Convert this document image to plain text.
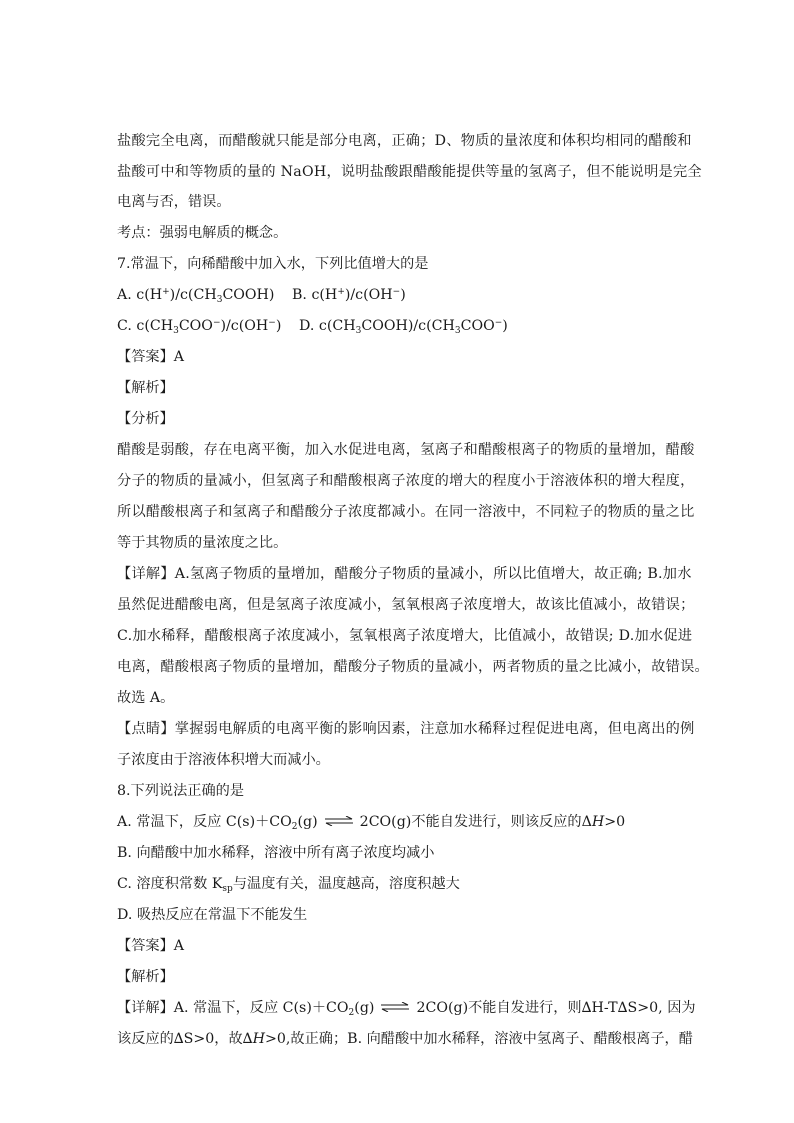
盐酸完全电离，而醋酸就只能是部分电离，正确；D、物质的量浓度和体积均相同的醋酸和
盐酸可中和等物质的量的 NaOH，说明盐酸跟醋酸能提供等量的氢离子，但不能说明是完全
电离与否，错误。
考点：强弱电解质的概念。
7.常温下，向稀醋酸中加入水，下列比值增大的是
A. $c(H^+)/c(CH_3COOH)$ B. c(H+)/c(OH−)
C. $c(CH_3COO^-)/c(OH^-)$ D. $c(CH_3COOH)/c(CH_3COO^-)$
【答案】A
【解析】
【分析】
醋酸是弱酸，存在电离平衡，加入水促进电离，氢离子和醋酸根离子的物质的量增加，醋酸
分子的物质的量减小，但氢离子和醋酸根离子浓度的增大的程度小于溶液体积的增大程度，
所以醋酸根离子和氢离子和醋酸分子浓度都减小。在同一溶液中，不同粒子的物质的量之比
等于其物质的量浓度之比。
【详解】A.氢离子物质的量增加，醋酸分子物质的量减小，所以比值增大，故正确; B.加水
虽然促进醋酸电离，但是氢离子浓度减小，氢氧根离子浓度增大，故该比值减小，故错误；
C.加水稀释，醋酸根离子浓度减小，氢氧根离子浓度增大，比值减小，故错误; D.加水促进
电离，醋酸根离子物质的量增加，醋酸分子物质的量减小，两者物质的量之比减小，故错误。
故选 A。
【点睛】掌握弱电解质的电离平衡的影响因素，注意加水稀释过程促进电离，但电离出的例
子浓度由于溶液体积增大而减小。
8.下列说法正确的是
A. 常温下，反应 $C(s)+CO_2(g)$ ⇌ 2CO(g)不能自发进行，则该反应的ΔH>0
B. 向醋酸中加水稀释，溶液中所有离子浓度均减小
C. 溶度积常数 $K_{sp}$与温度有关，温度越高，溶度积越大
D. 吸热反应在常温下不能发生
【答案】A
【解析】
【详解】A. 常温下，反应 $C(s)+CO_2(g)$ ⇌ 2CO(g)不能自发进行，则∆H-T∆S>0, 因为
该反应的∆S>0，故∆H>0,故正确；B. 向醋酸中加水稀释，溶液中氢离子、醋酸根离子，醋
